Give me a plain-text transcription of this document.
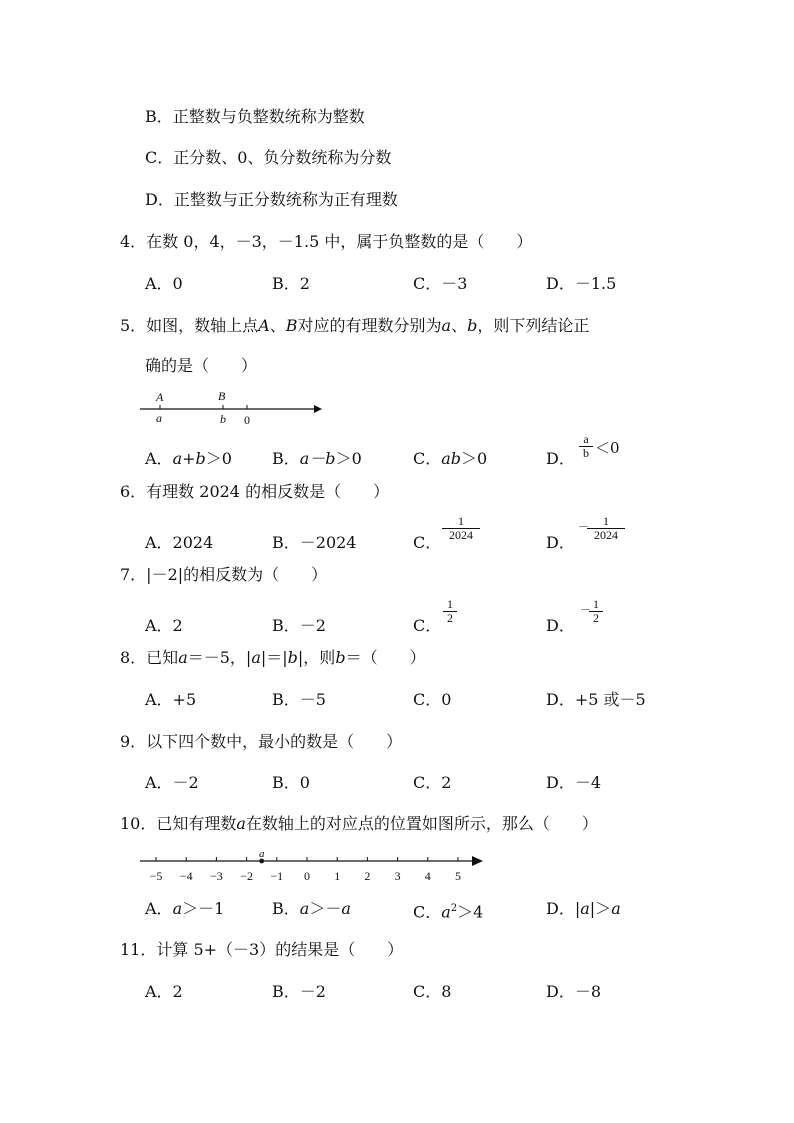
B．正整数与负整数统称为整数
C．正分数、0、负分数统称为分数
D．正整数与正分数统称为正有理数
4．在数 0，4，－3，－1.5 中，属于负整数的是（　　）
A．0	B．2	C．－3	D．－1.5
5．如图，数轴上点A、B对应的有理数分别为a、b，则下列结论正
确的是（　　）
A
a
B
b 0
A．a+b＞0	B．a－b＞0	C．ab＞0	D． $\frac{a}{b} <0$
6．有理数 2024 的相反数是（　　）
A．2024	B．－2024	C．
$\frac{1}{2024}$
D．
－
$\frac{1}{2024}$
7．|－2|的相反数为（　　）
A．2	B．－2	C．
$\frac{1}{2}$
D．
－
$\frac{1}{2}$
8．已知a＝－5，|a|＝|b|，则b＝（　　）
A．+5	B．－5	C．0	D．+5 或－5
9．以下四个数中，最小的数是（　　）
A．－2	B．0	C．2	D．－4
10．已知有理数a在数轴上的对应点的位置如图所示，那么（　　）
−5 −4 −3 −2 −1 0 1 2 3 4 5
a
A．a＞－1	B．a＞－a	C．$a^2>4$	D．|a|＞a
11．计算 5+（－3）的结果是（　　）
A．2	B．－2	C．8	D．－8
